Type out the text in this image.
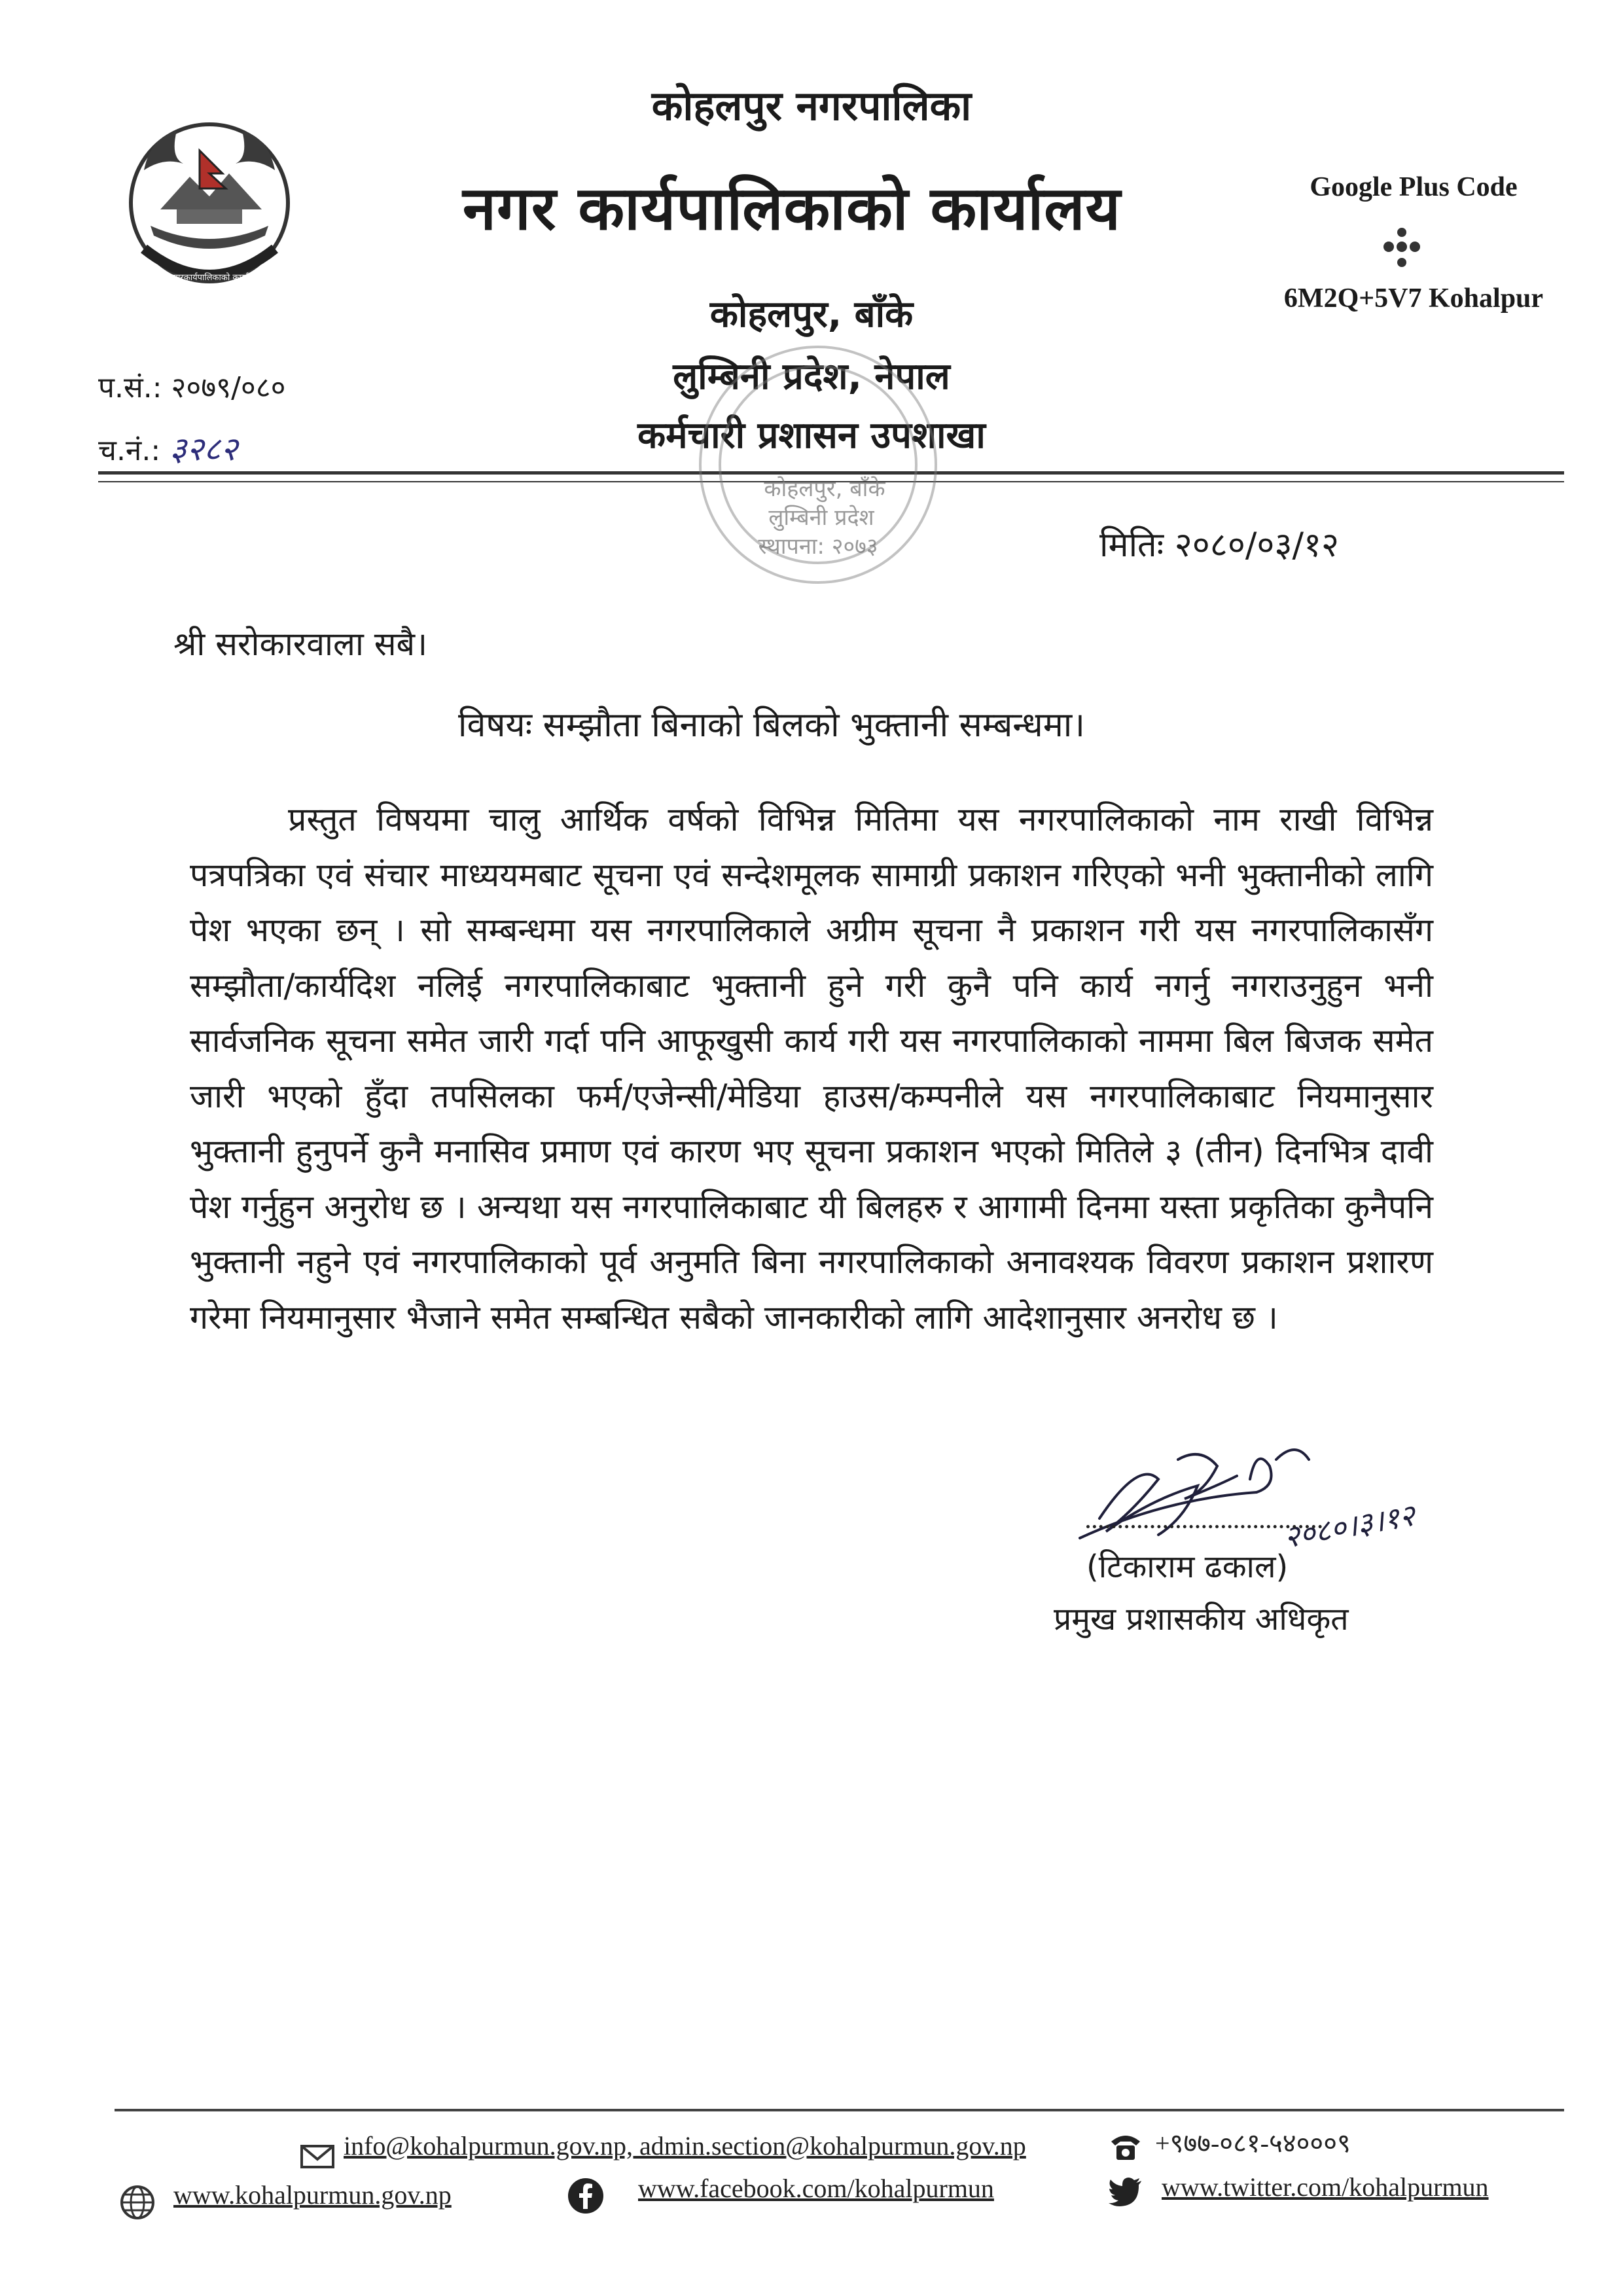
कोहलपुर नगरकार्यपालिकाको कार्यालय, बाँके
कोहलपुर नगरपालिका
नगर कार्यपालिकाको कार्यालय
कोहलपुर, बाँके
लुम्बिनी प्रदेश, नेपाल
कर्मचारी प्रशासन उपशाखा
Google Plus Code
6M2Q+5V7 Kohalpur
प.सं.: २०७९/०८०
च.नं.: ३२८२
कोहलपुर, बाँके
लुम्बिनी प्रदेश
स्थापना: २०७३	मितिः २०८०/०३/१२
श्री सरोकारवाला सबै।
विषयः सम्झौता बिनाको बिलको भुक्तानी सम्बन्धमा।
प्रस्तुत विषयमा चालु आर्थिक वर्षको विभिन्न मितिमा यस नगरपालिकाको नाम राखी विभिन्न पत्रपत्रिका एवं संचार माध्ययमबाट सूचना एवं सन्देशमूलक सामाग्री प्रकाशन गरिएको भनी भुक्तानीको लागि पेश भएका छन् । सो सम्बन्धमा यस नगरपालिकाले अग्रीम सूचना नै प्रकाशन गरी यस नगरपालिकासँग सम्झौता/कार्यदिश नलिई नगरपालिकाबाट भुक्तानी हुने गरी कुनै पनि कार्य नगर्नु नगराउनुहुन भनी सार्वजनिक सूचना समेत जारी गर्दा पनि आफूखुसी कार्य गरी यस नगरपालिकाको नाममा बिल बिजक समेत जारी भएको हुँदा तपसिलका फर्म/एजेन्सी/मेडिया हाउस/कम्पनीले यस नगरपालिकाबाट नियमानुसार भुक्तानी हुनुपर्ने कुनै मनासिव प्रमाण एवं कारण भए सूचना प्रकाशन भएको मितिले ३ (तीन) दिनभित्र दावी पेश गर्नुहुन अनुरोध छ । अन्यथा यस नगरपालिकाबाट यी बिलहरु र आगामी दिनमा यस्ता प्रकृतिका कुनैपनि भुक्तानी नहुने एवं नगरपालिकाको पूर्व अनुमति बिना नगरपालिकाको अनावश्यक विवरण प्रकाशन प्रशारण गरेमा नियमानुसार भैजाने समेत सम्बन्धित सबैको जानकारीको लागि आदेशानुसार अनरोध छ ।
२०८०।३।१२
(टिकाराम ढकाल)
प्रमुख प्रशासकीय अधिकृत
info@kohalpurmun.gov.np, admin.section@kohalpurmun.gov.np	+९७७-०८१-५४०००९
www.kohalpurmun.gov.np	www.facebook.com/kohalpurmun	www.twitter.com/kohalpurmun
